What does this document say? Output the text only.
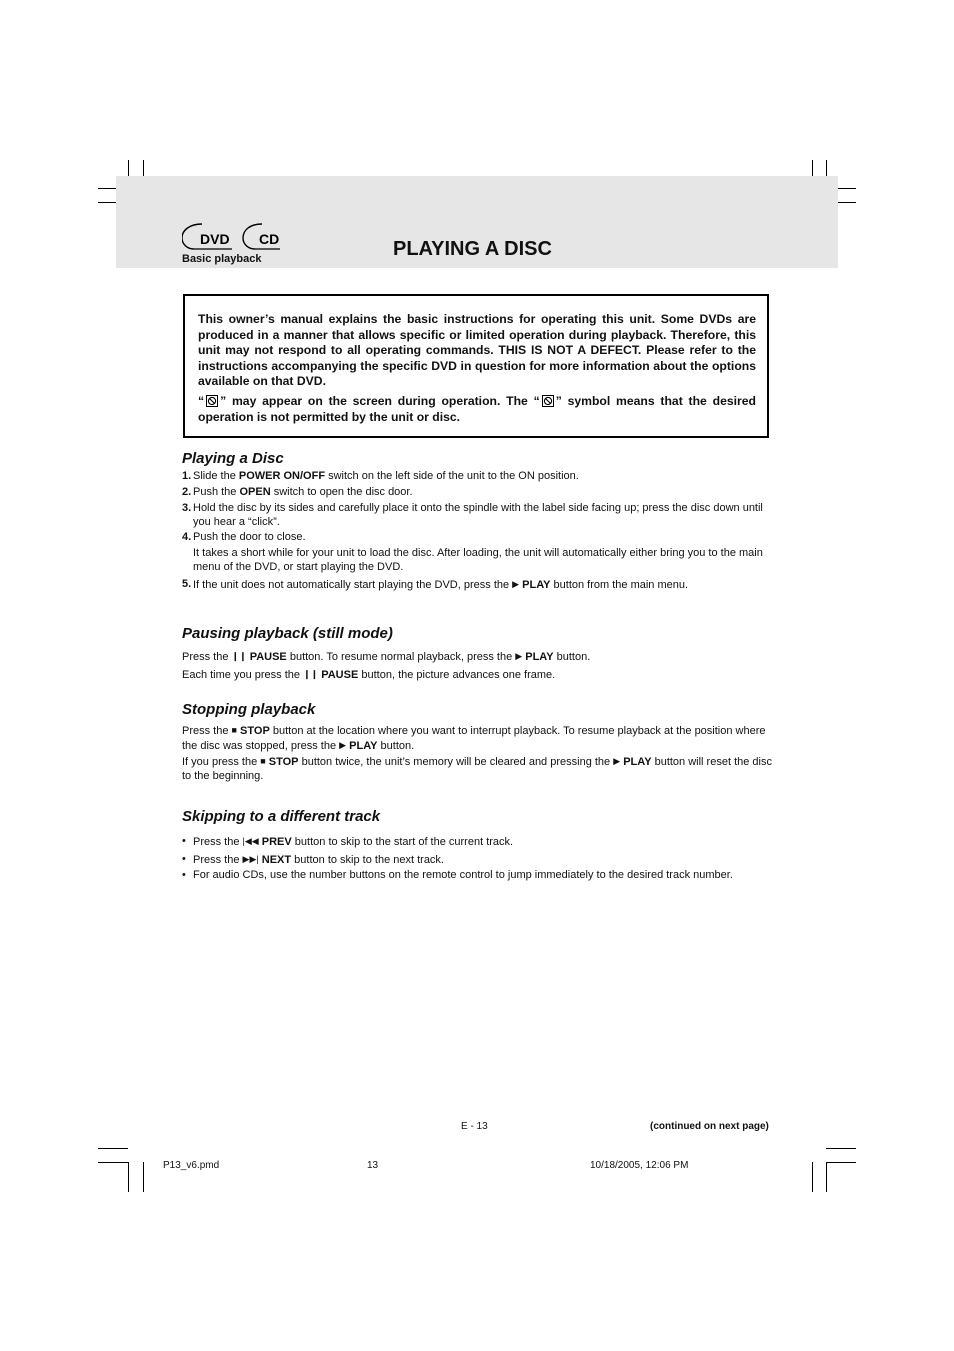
DVD CD
Basic playback	PLAYING A DISC

This owner’s manual explains the basic instructions for operating this unit. Some DVDs are produced in a manner that allows specific or limited operation during playback. Therefore, this unit may not respond to all operating commands. THIS IS NOT A DEFECT. Please refer to the instructions accompanying the specific DVD in question for more information about the options available on that DVD.

“ ” may appear on the screen during operation. The “ ” symbol means that the desired operation is not permitted by the unit or disc.

Playing a Disc
1. Slide the POWER ON/OFF switch on the left side of the unit to the ON position.
2. Push the OPEN switch to open the disc door.
3. Hold the disc by its sides and carefully place it onto the spindle with the label side facing up; press the disc down until you hear a “click”.
4. Push the door to close.
It takes a short while for your unit to load the disc. After loading, the unit will automatically either bring you to the main menu of the DVD, or start playing the DVD.
5. If the unit does not automatically start playing the DVD, press the ▶ PLAY button from the main menu.
Pausing playback (still mode)

Press the ❙❙ PAUSE button. To resume normal playback, press the ▶ PLAY button.

Each time you press the ❙❙ PAUSE button, the picture advances one frame.

Stopping playback

Press the ■ STOP button at the location where you want to interrupt playback. To resume playback at the position where the disc was stopped, press the ▶ PLAY button.

If you press the ■ STOP button twice, the unit’s memory will be cleared and pressing the ▶ PLAY button will reset the disc to the beginning.

Skipping to a different track
• Press the |◀◀ PREV button to skip to the start of the current track.
• Press the ▶▶| NEXT button to skip to the next track.
• For audio CDs, use the number buttons on the remote control to jump immediately to the desired track number.
E - 13	(continued on next page)
P13_v6.pmd	13	10/18/2005, 12:06 PM
